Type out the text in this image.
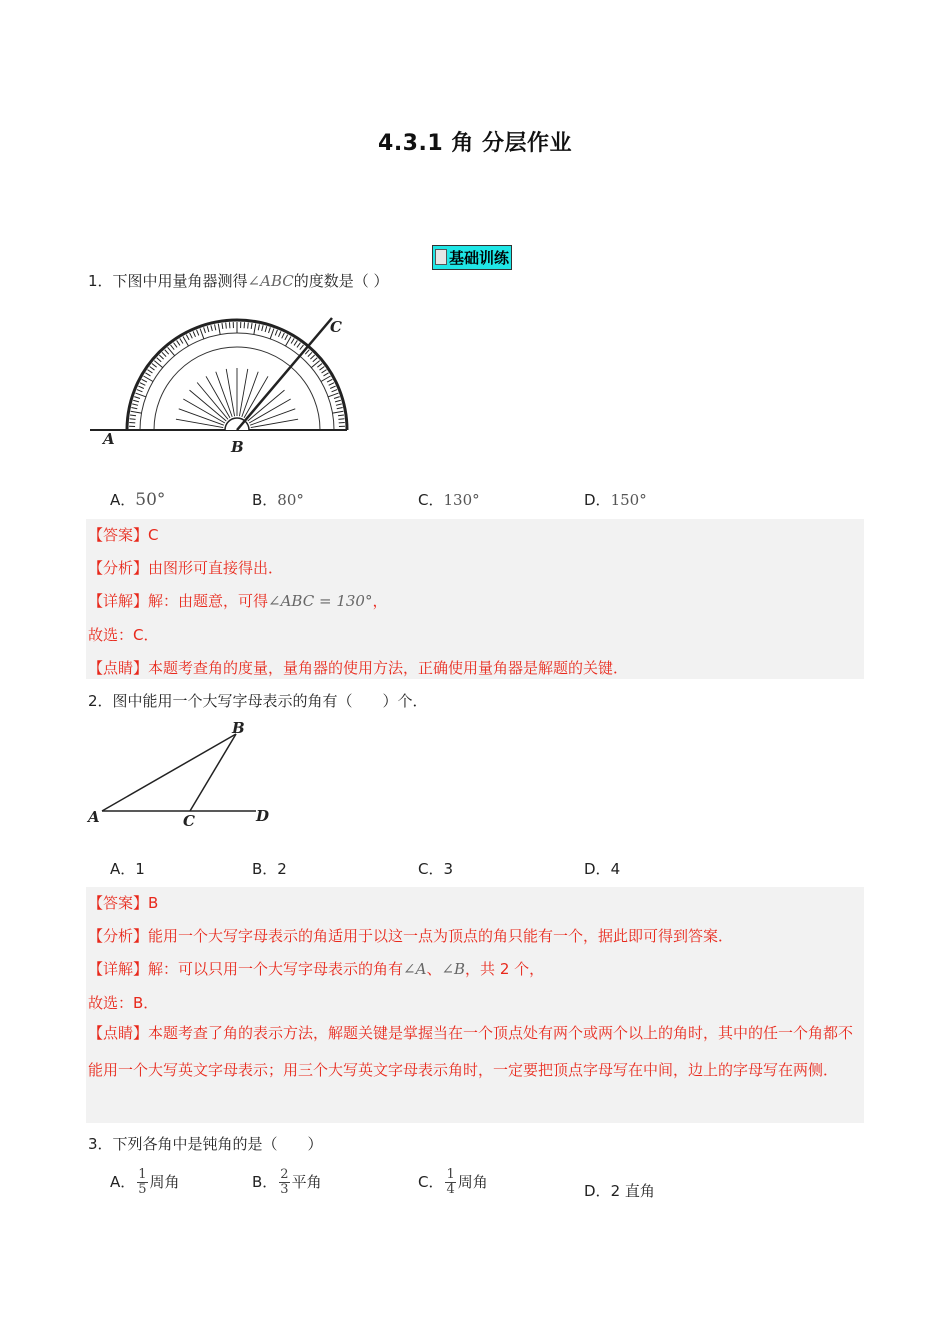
4.3.1 角 分层作业
基础训练
1．下图中用量角器测得∠ABC的度数是（ ）
A	B
C
A．50°	B．80°	C．130°	D．150°
【答案】C
【分析】由图形可直接得出．
【详解】解：由题意，可得∠ABC = 130°，
故选：C．
【点睛】本题考查角的度量，量角器的使用方法，正确使用量角器是解题的关键．
2．图中能用一个大写字母表示的角有（　　）个．
A
B
C	D
A．1	B．2	C．3	D．4
【答案】B
【分析】能用一个大写字母表示的角适用于以这一点为顶点的角只能有一个，据此即可得到答案．
【详解】解：可以只用一个大写字母表示的角有∠A、∠B，共 2 个，
故选：B．
【点睛】本题考查了角的表示方法，解题关键是掌握当在一个顶点处有两个或两个以上的角时，其中的任一个角都不能用一个大写英文字母表示；用三个大写英文字母表示角时，一定要把顶点字母写在中间，边上的字母写在两侧．
3．下列各角中是钝角的是（　　）
A． $\frac{1}{5}$ 周角	B． $\frac{2}{3}$ 平角	C． $\frac{1}{4}$ 周角	D．2 直角
